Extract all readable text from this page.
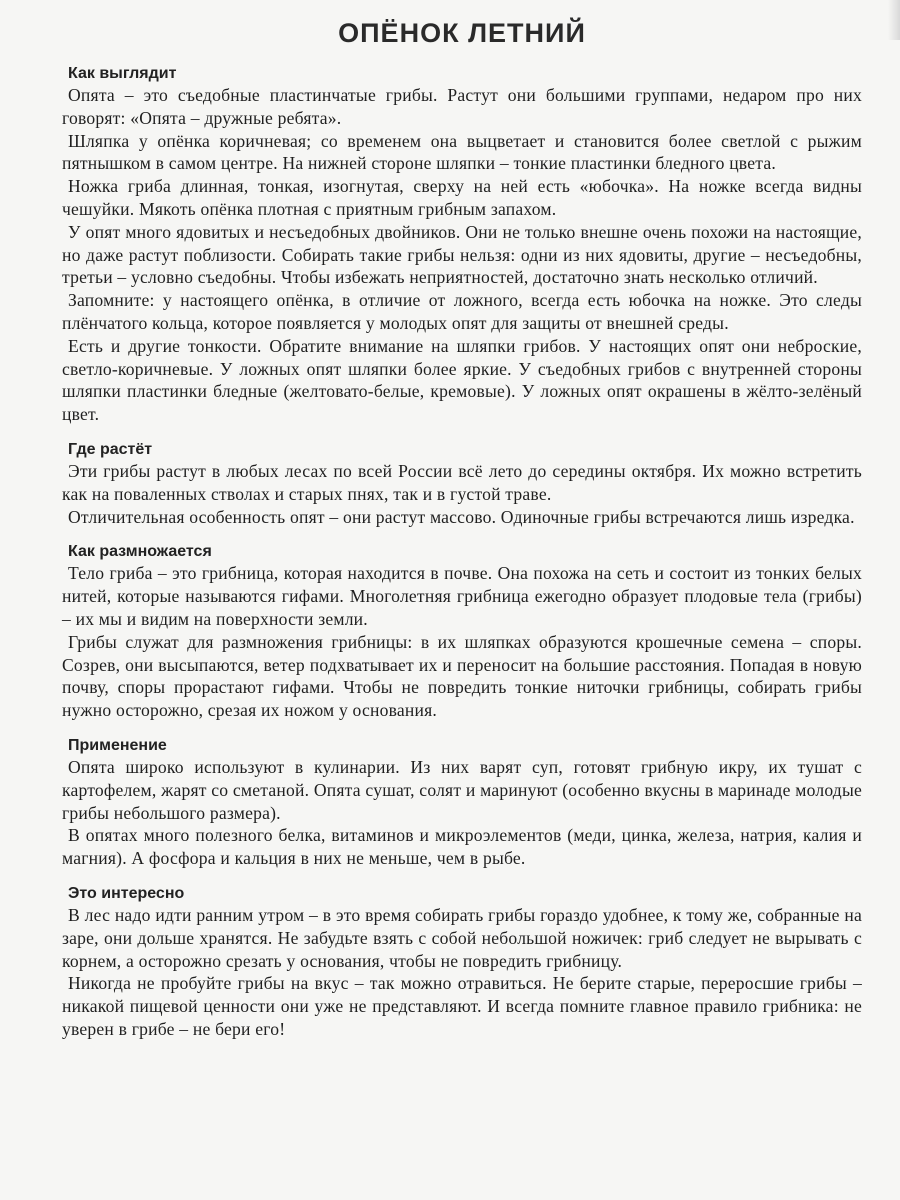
ОПЁНОК ЛЕТНИЙ
Как выглядит

Опята – это съедобные пластинчатые грибы. Растут они большими группами, недаром про них говорят: «Опята – дружные ребята».

Шляпка у опёнка коричневая; со временем она выцветает и становится более светлой с рыжим пятнышком в самом центре. На нижней стороне шляпки – тонкие пластинки бледного цвета.

Ножка гриба длинная, тонкая, изогнутая, сверху на ней есть «юбочка». На ножке всегда видны чешуйки. Мякоть опёнка плотная с приятным грибным запахом.

У опят много ядовитых и несъедобных двойников. Они не только внешне очень похожи на настоящие, но даже растут поблизости. Собирать такие грибы нельзя: одни из них ядовиты, другие – несъедобны, третьи – условно съедобны. Чтобы избежать неприятностей, достаточно знать несколько отличий.

Запомните: у настоящего опёнка, в отличие от ложного, всегда есть юбочка на ножке. Это следы плёнчатого кольца, которое появляется у молодых опят для защиты от внешней среды.

Есть и другие тонкости. Обратите внимание на шляпки грибов. У настоящих опят они неброские, светло-коричневые. У ложных опят шляпки более яркие. У съедобных грибов с внутренней стороны шляпки пластинки бледные (желтовато-белые, кремовые). У ложных опят окрашены в жёлто-зелёный цвет.

Где растёт

Эти грибы растут в любых лесах по всей России всё лето до середины октября. Их можно встретить как на поваленных стволах и старых пнях, так и в густой траве.

Отличительная особенность опят – они растут массово. Одиночные грибы встречаются лишь изредка.

Как размножается

Тело гриба – это грибница, которая находится в почве. Она похожа на сеть и состоит из тонких белых нитей, которые называются гифами. Многолетняя грибница ежегодно образует плодовые тела (грибы) – их мы и видим на поверхности земли.

Грибы служат для размножения грибницы: в их шляпках образуются крошечные семена – споры. Созрев, они высыпаются, ветер подхватывает их и переносит на большие расстояния. Попадая в новую почву, споры прорастают гифами. Чтобы не повредить тонкие ниточки грибницы, собирать грибы нужно осторожно, срезая их ножом у основания.

Применение

Опята широко используют в кулинарии. Из них варят суп, готовят грибную икру, их тушат с картофелем, жарят со сметаной. Опята сушат, солят и маринуют (особенно вкусны в маринаде молодые грибы небольшого размера).

В опятах много полезного белка, витаминов и микроэлементов (меди, цинка, железа, натрия, калия и магния). А фосфора и кальция в них не меньше, чем в рыбе.

Это интересно

В лес надо идти ранним утром – в это время собирать грибы гораздо удобнее, к тому же, собранные на заре, они дольше хранятся. Не забудьте взять с собой небольшой ножичек: гриб следует не вырывать с корнем, а осторожно срезать у основания, чтобы не повредить грибницу.

Никогда не пробуйте грибы на вкус – так можно отравиться. Не берите старые, переросшие грибы – никакой пищевой ценности они уже не представляют. И всегда помните главное правило грибника: не уверен в грибе – не бери его!
